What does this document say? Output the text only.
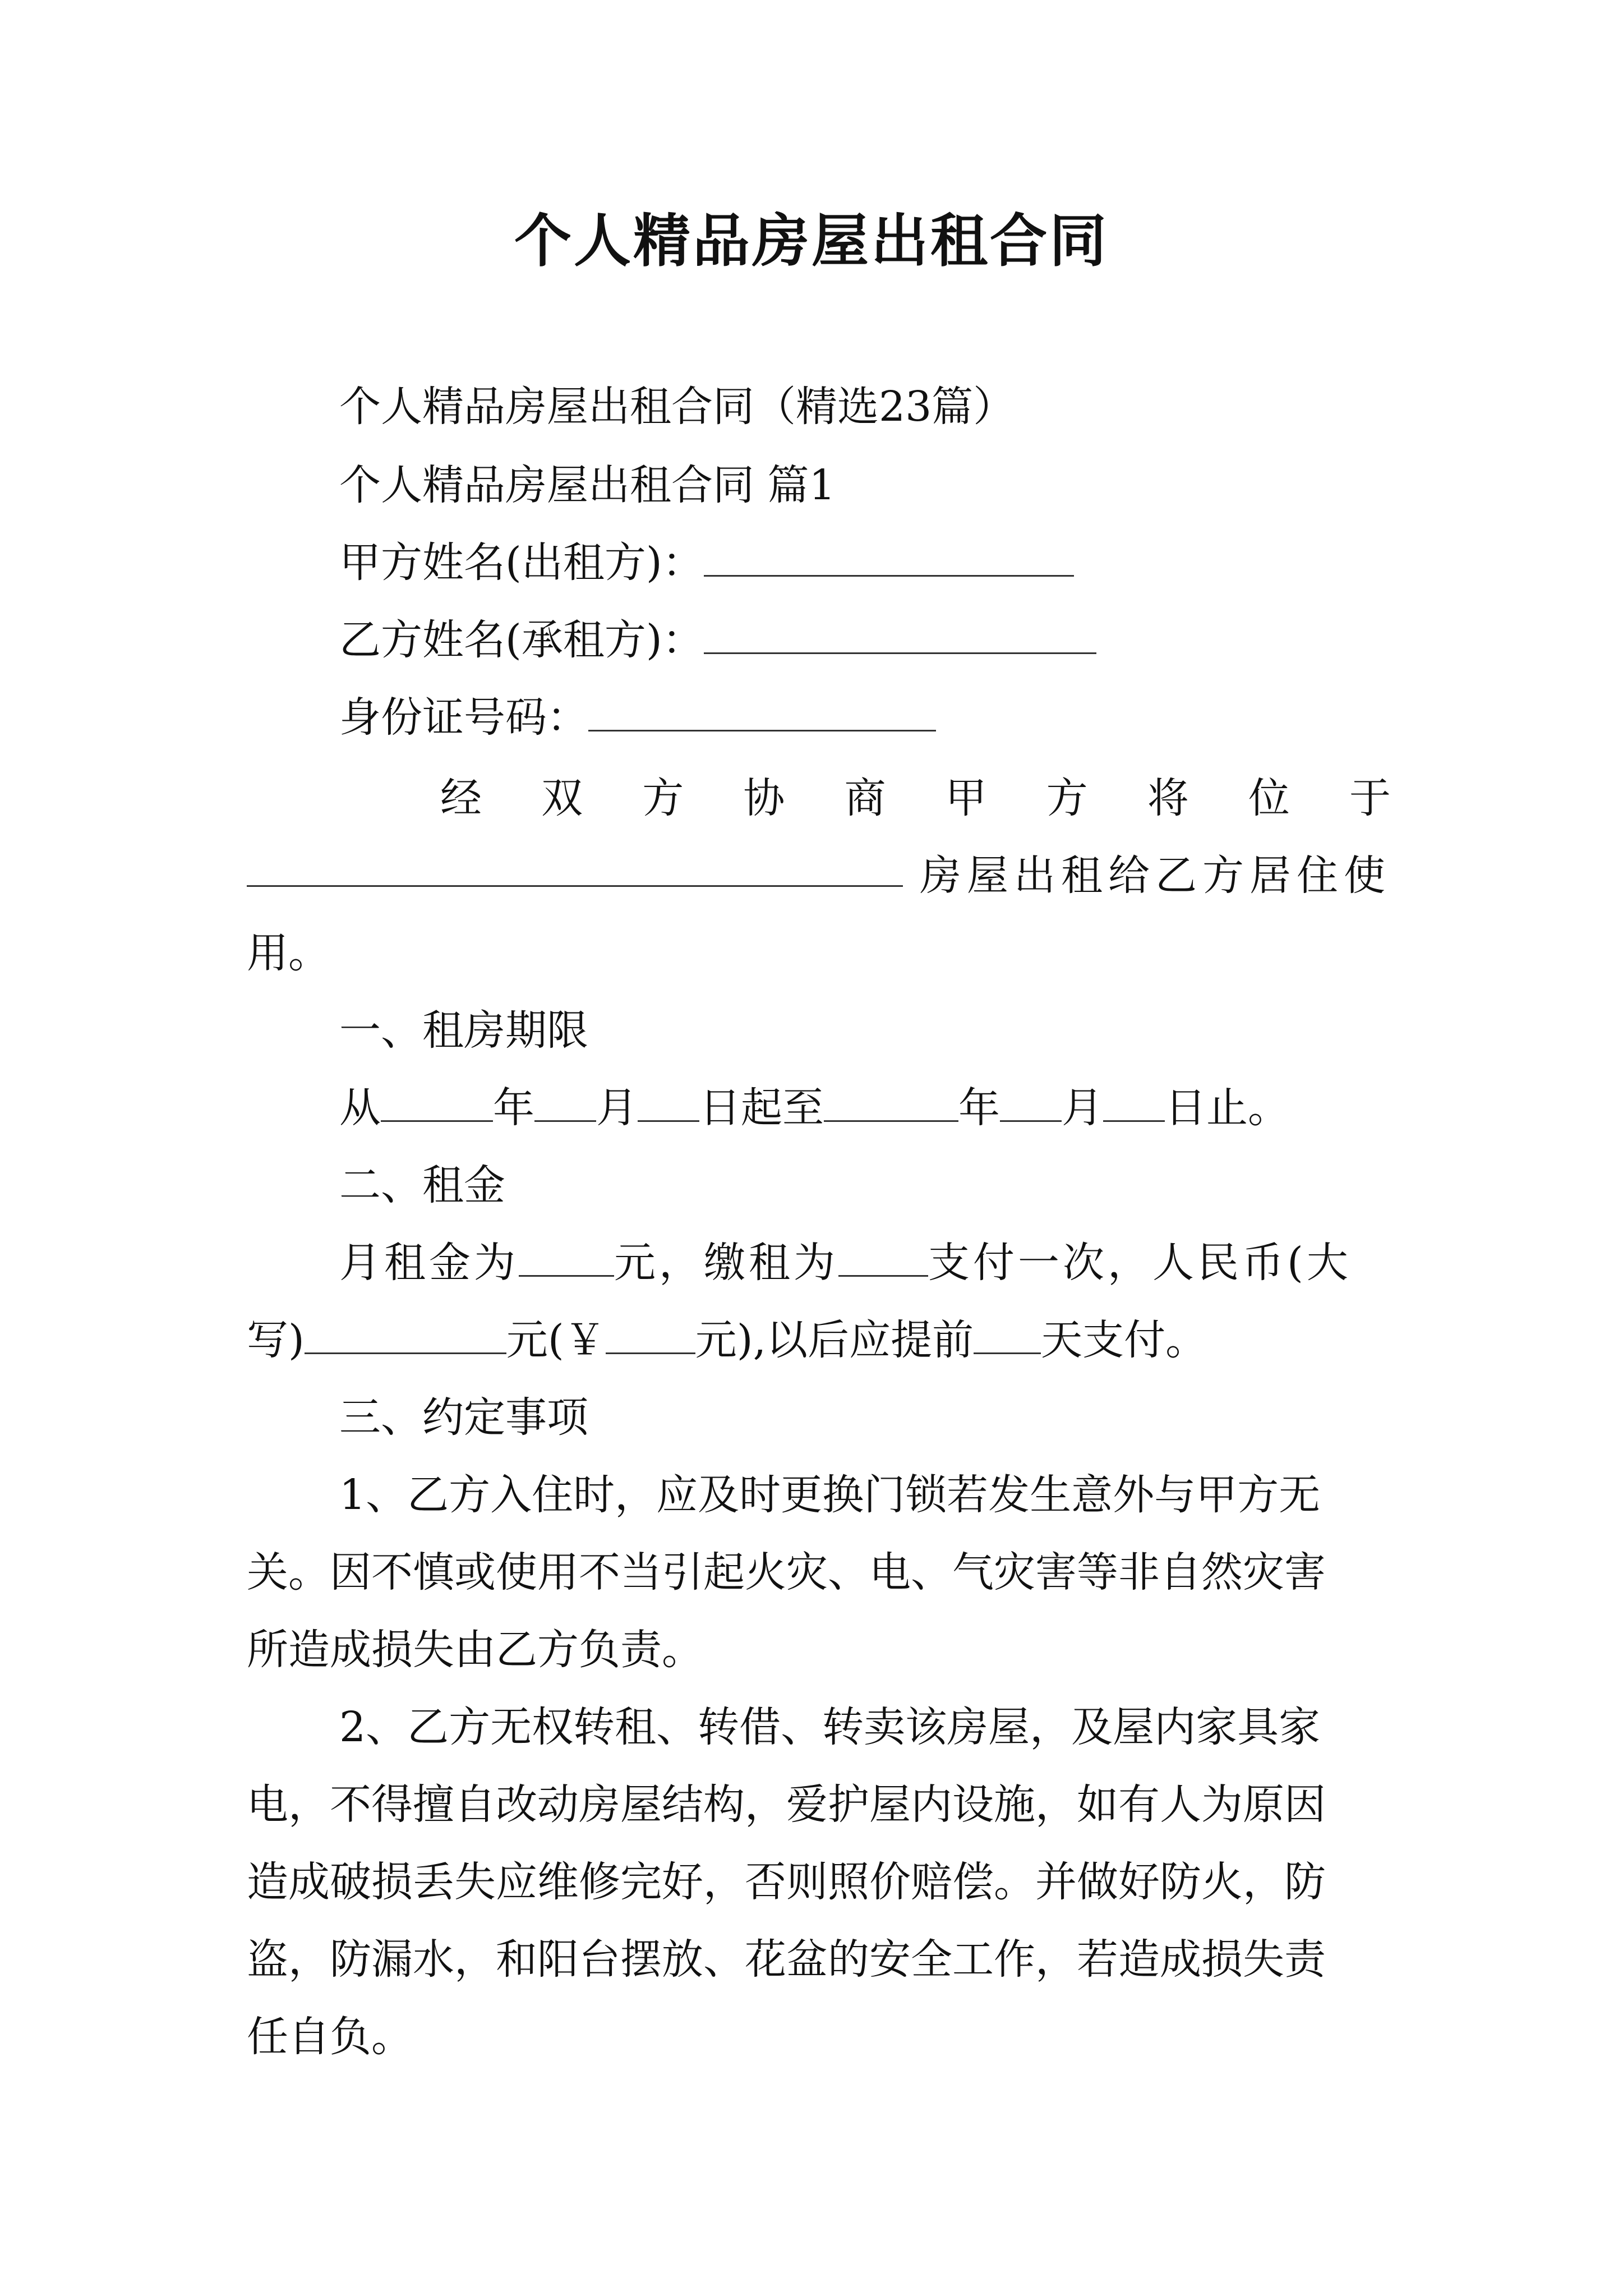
个人精品房屋出租合同
个人精品房屋出租合同（精选23篇）
个人精品房屋出租合同 篇1
甲方姓名(出租方)：
乙方姓名(承租方)：
身份证号码：
经 双 方 协 商 甲 方 将 位 于
房屋出租给乙方居住使
用。
一、租房期限
从	年 月 日起至	年 月 日止。
二、租金
月租金为 元，缴租为 支付一次，人民币(大
写)	元(￥ 元),以后应提前 天支付。
三、约定事项
1、乙方入住时，应及时更换门锁若发生意外与甲方无
关。因不慎或使用不当引起火灾、电、气灾害等非自然灾害
所造成损失由乙方负责。
2、乙方无权转租、转借、转卖该房屋，及屋内家具家
电，不得擅自改动房屋结构，爱护屋内设施，如有人为原因
造成破损丢失应维修完好，否则照价赔偿。并做好防火，防
盗，防漏水，和阳台摆放、花盆的安全工作，若造成损失责
任自负。
